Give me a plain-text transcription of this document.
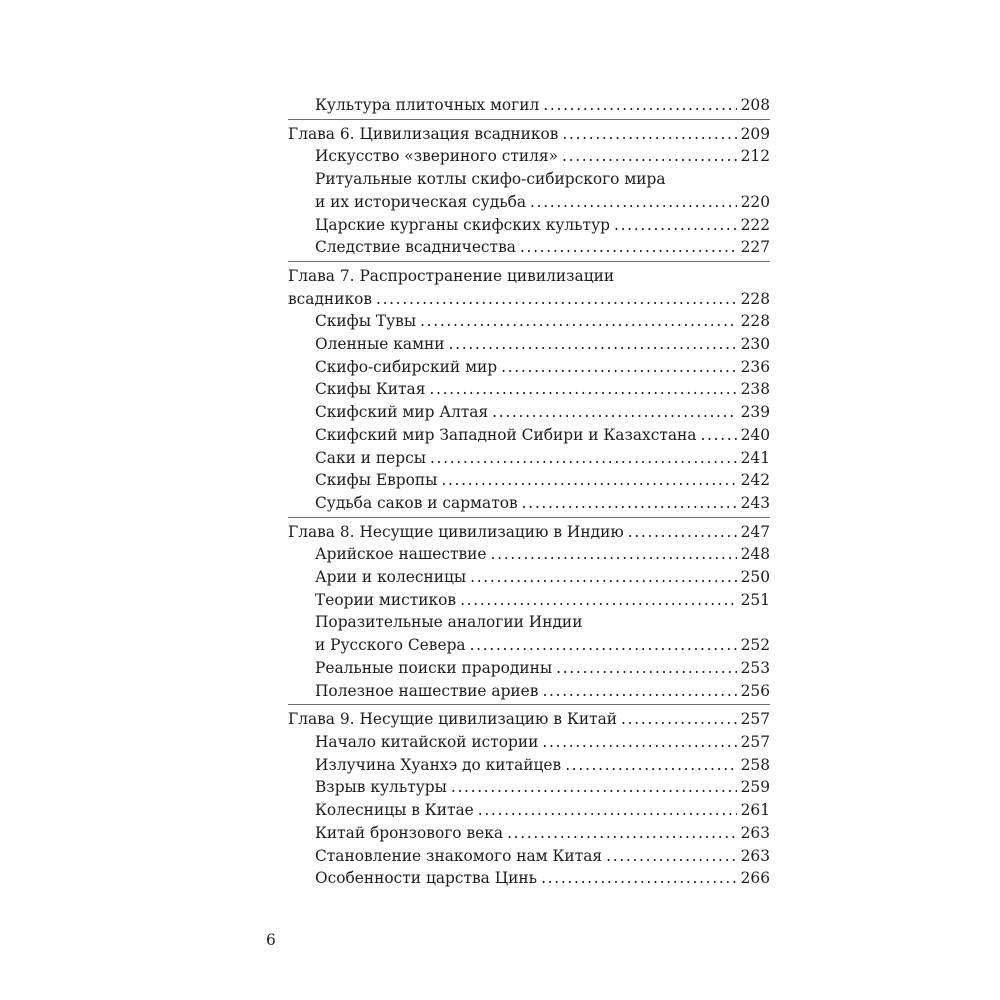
Культура плиточных могил . . .	208
Глава 6. Цивилизация всадников . . .	209
Искусство «звериного стиля» . . .	212
Ритуальные котлы скифо-сибирского мира
и их историческая судьба . . .	220
Царские курганы скифских культур . . .	222
Следствие всадничества . . .	227
Глава 7. Распространение цивилизации
всадников . . .	228
Скифы Тувы . . .	228
Оленные камни . . .	230
Скифо-сибирский мир . . .	236
Скифы Китая . . .	238
Скифский мир Алтая . . .	239
Скифский мир Западной Сибири и Казахстана . . .	240
Саки и персы . . .	241
Скифы Европы . . .	242
Судьба саков и сарматов . . .	243
Глава 8. Несущие цивилизацию в Индию . . .	247
Арийское нашествие . . .	248
Арии и колесницы . . .	250
Теории мистиков . . .	251
Поразительные аналогии Индии
и Русского Севера . . .	252
Реальные поиски прародины . . .	253
Полезное нашествие ариев . . .	256
Глава 9. Несущие цивилизацию в Китай . . .	257
Начало китайской истории . . .	257
Излучина Хуанхэ до китайцев . . .	258
Взрыв культуры . . .	259
Колесницы в Китае . . .	261
Китай бронзового века . . .	263
Становление знакомого нам Китая . . .	263
Особенности царства Цинь . . .	266
6
